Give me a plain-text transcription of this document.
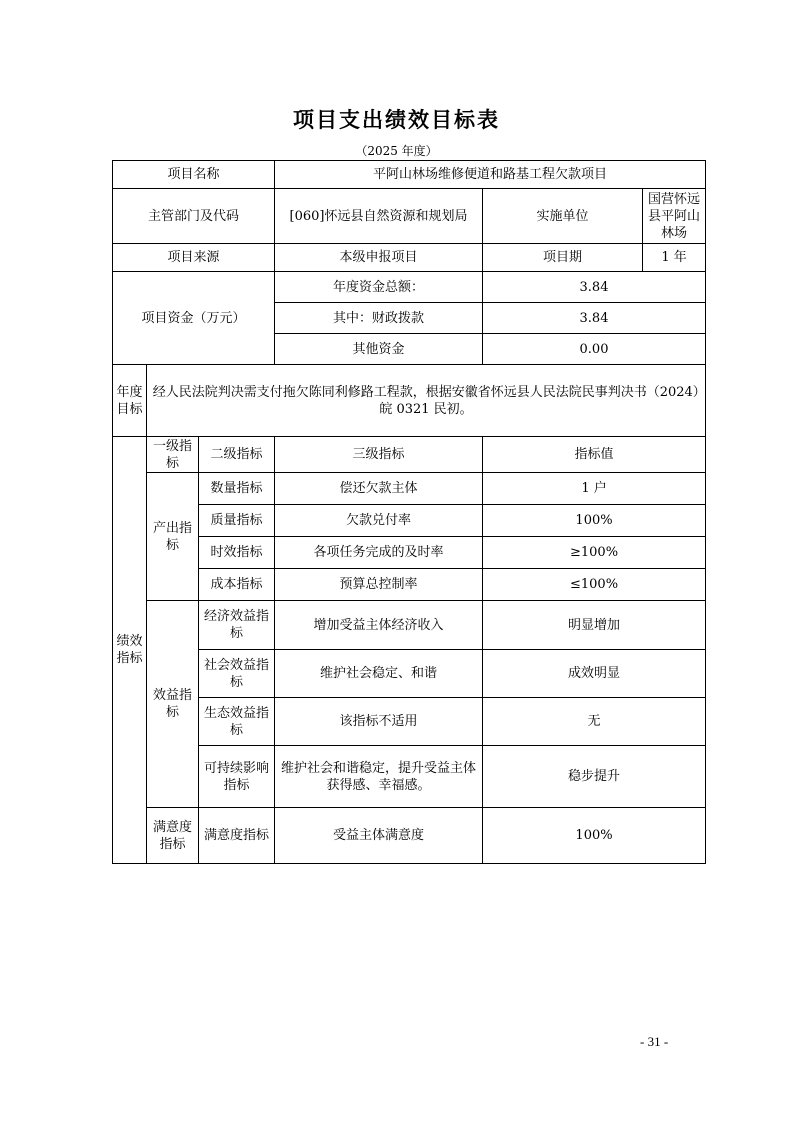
项目支出绩效目标表
（2025 年度）
项目名称			平阿山林场维修便道和路基工程欠款项目		
主管部门及代码			[060]怀远县自然资源和规划局	实施单位	国营怀远县平阿山林场
项目来源			本级申报项目	项目期	1 年
项目资金（万元）			年度资金总额：	3.84	
			其中：财政拨款	3.84	
			其他资金	0.00	
年度目标	经人民法院判决需支付拖欠陈同利修路工程款，根据安徽省怀远县人民法院民事判决书（2024）皖 0321 民初。				
绩效指标	一级指标	二级指标	三级指标	指标值	
	产出指标	数量指标	偿还欠款主体	1 户	
		质量指标	欠款兑付率	100%	
		时效指标	各项任务完成的及时率	≥100%	
		成本指标	预算总控制率	≤100%	
	效益指标	经济效益指标	增加受益主体经济收入	明显增加	
		社会效益指标	维护社会稳定、和谐	成效明显	
		生态效益指标	该指标不适用	无	
		可持续影响指标	维护社会和谐稳定，提升受益主体获得感、幸福感。	稳步提升	
	满意度指标	满意度指标	受益主体满意度	100%	
- 31 -
